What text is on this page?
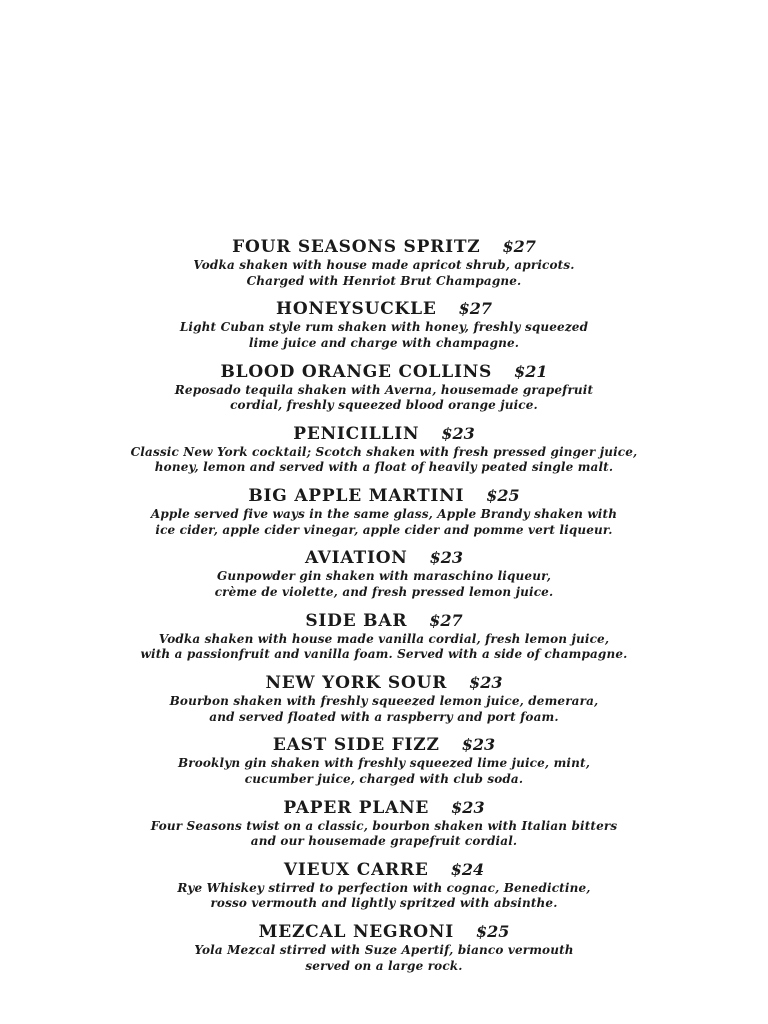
FOUR SEASONS SPRITZ $27
Vodka shaken with house made apricot shrub, apricots.
Charged with Henriot Brut Champagne.
HONEYSUCKLE $27
Light Cuban style rum shaken with honey, freshly squeezed
lime juice and charge with champagne.
BLOOD ORANGE COLLINS $21
Reposado tequila shaken with Averna, housemade grapefruit
cordial, freshly squeezed blood orange juice.
PENICILLIN $23
Classic New York cocktail; Scotch shaken with fresh pressed ginger juice,
honey, lemon and served with a float of heavily peated single malt.
BIG APPLE MARTINI $25
Apple served five ways in the same glass, Apple Brandy shaken with
ice cider, apple cider vinegar, apple cider and pomme vert liqueur.
AVIATION $23
Gunpowder gin shaken with maraschino liqueur,
crème de violette, and fresh pressed lemon juice.
SIDE BAR $27
Vodka shaken with house made vanilla cordial, fresh lemon juice,
with a passionfruit and vanilla foam. Served with a side of champagne.
NEW YORK SOUR $23
Bourbon shaken with freshly squeezed lemon juice, demerara,
and served floated with a raspberry and port foam.
EAST SIDE FIZZ $23
Brooklyn gin shaken with freshly squeezed lime juice, mint,
cucumber juice, charged with club soda.
PAPER PLANE $23
Four Seasons twist on a classic, bourbon shaken with Italian bitters
and our housemade grapefruit cordial.
VIEUX CARRE $24
Rye Whiskey stirred to perfection with cognac, Benedictine,
rosso vermouth and lightly spritzed with absinthe.
MEZCAL NEGRONI $25
Yola Mezcal stirred with Suze Apertif, bianco vermouth
served on a large rock.
